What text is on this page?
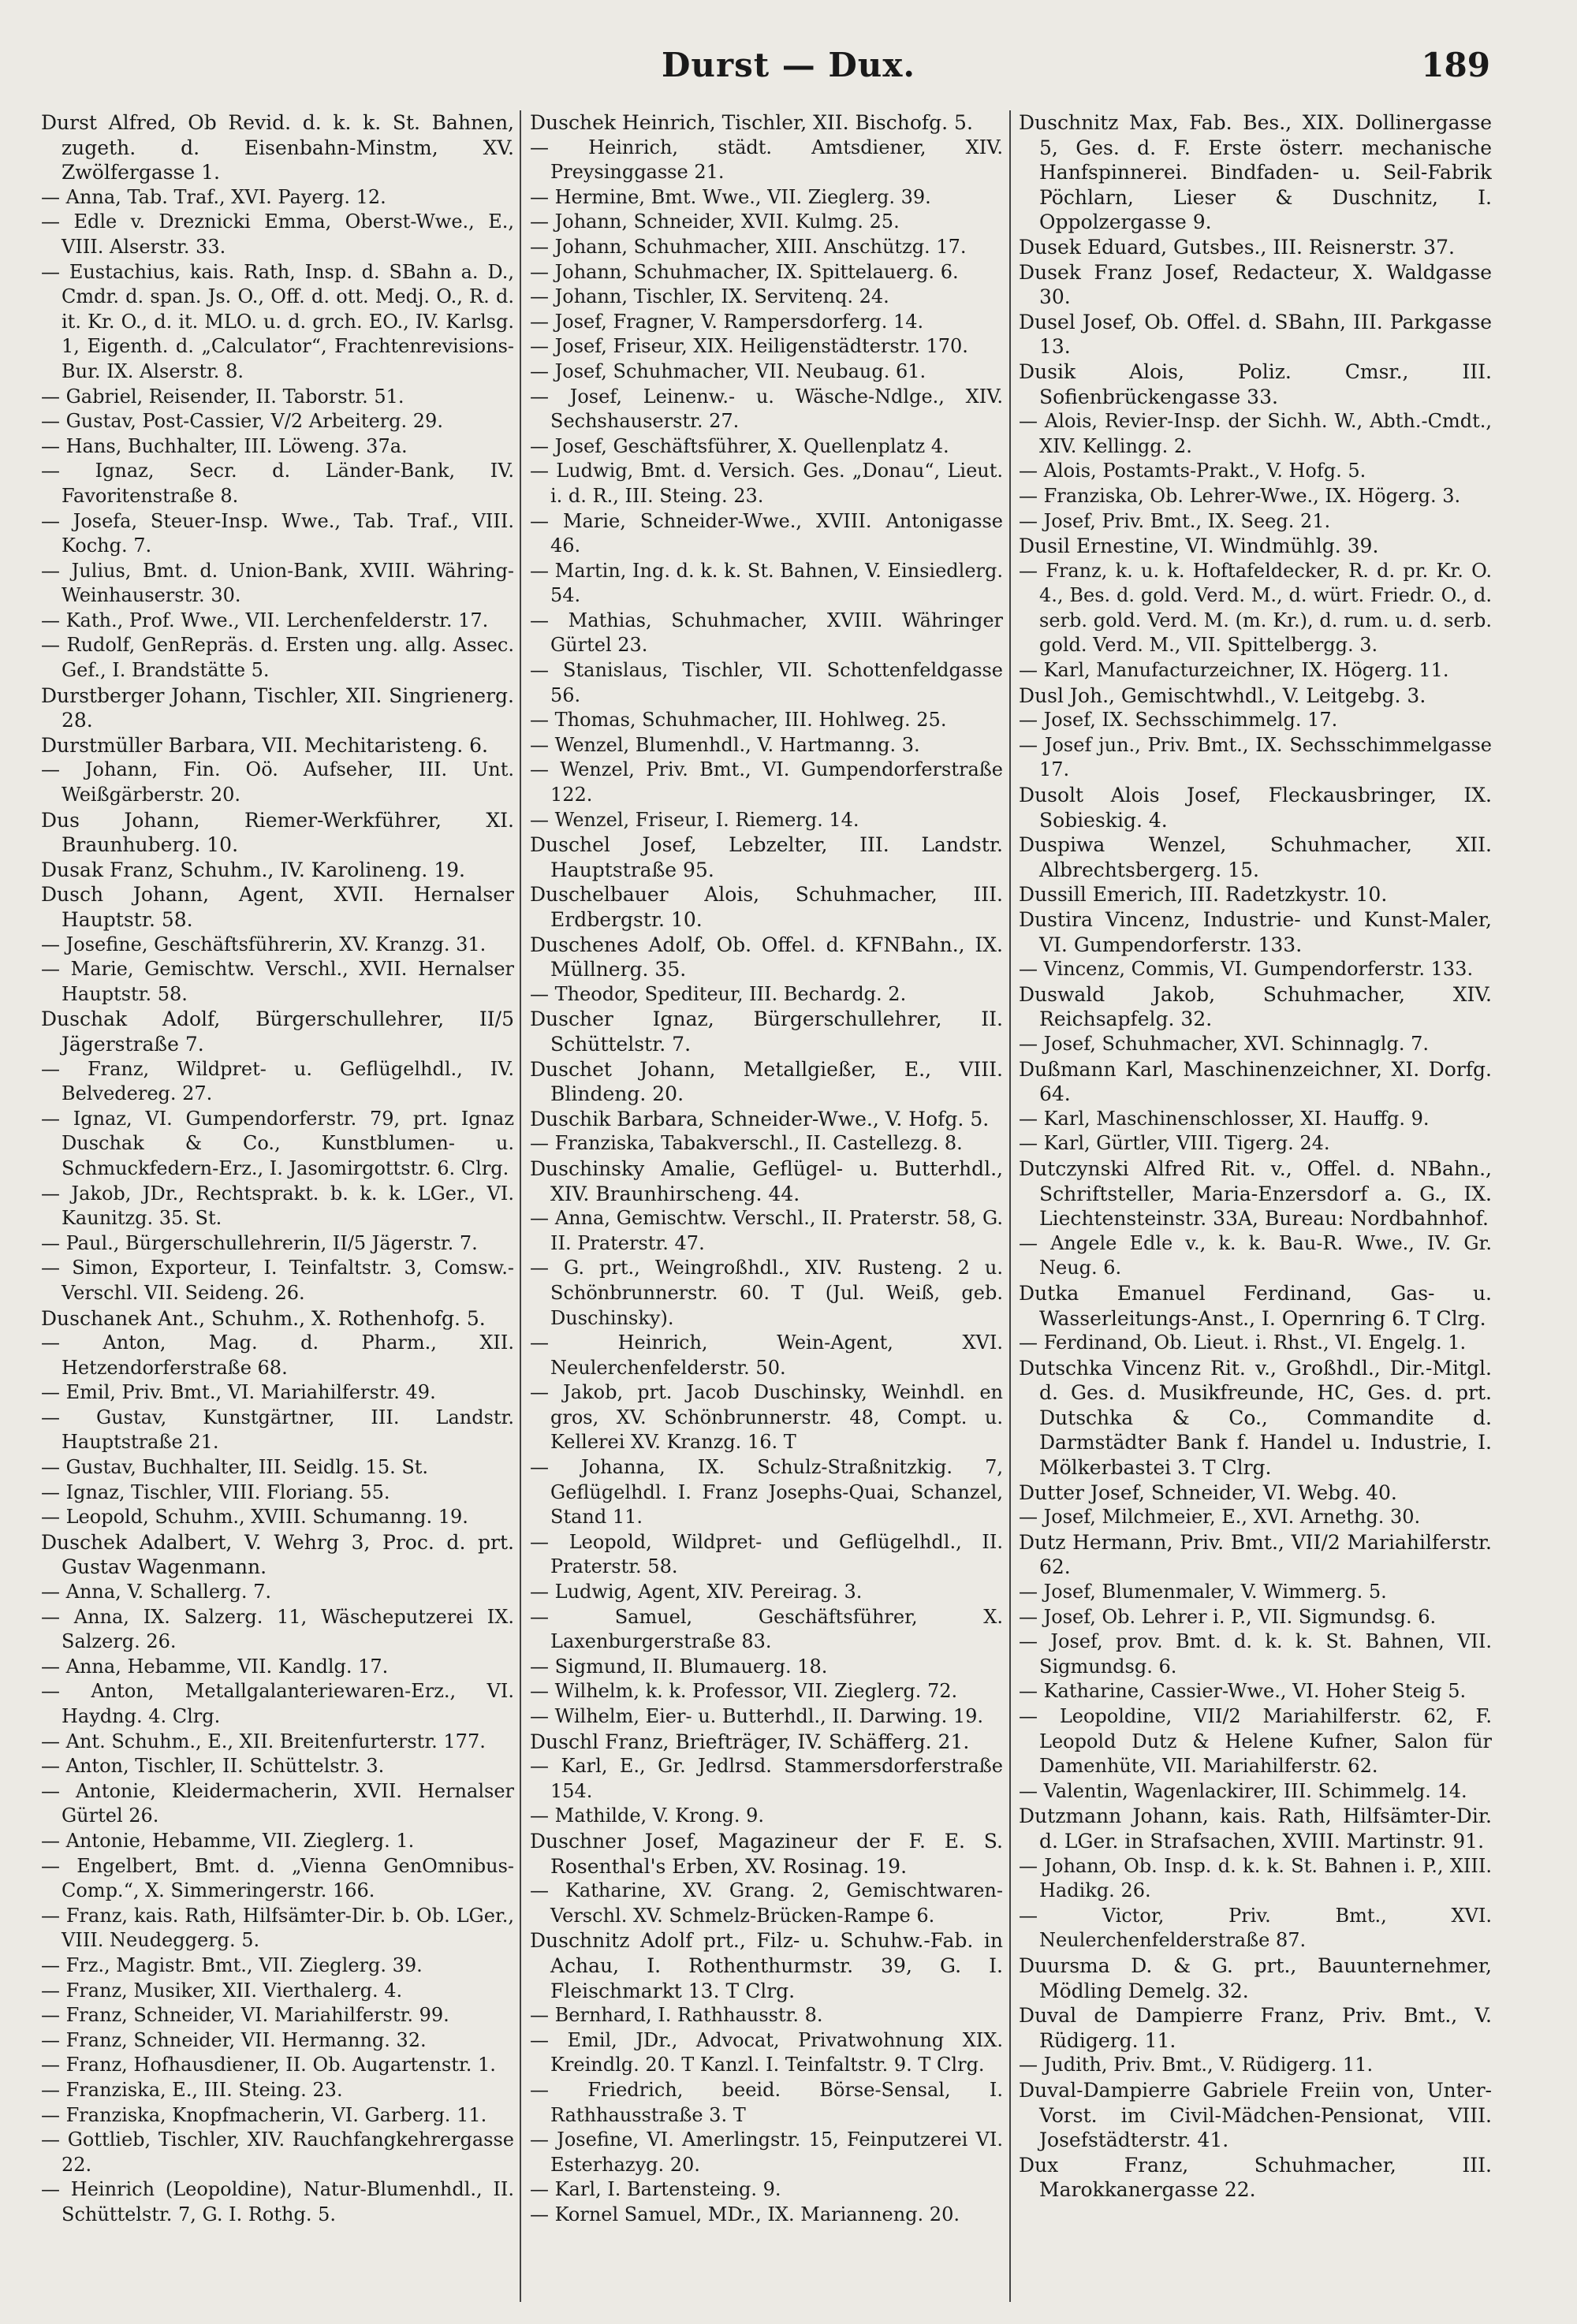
Durst — Dux.	189

Durst Alfred, Ob Revid. d. k. k. St. Bahnen, zugeth. d. Eisenbahn-Minstm, XV. Zwölfergasse 1.

— Anna, Tab. Traf., XVI. Payerg. 12.

— Edle v. Dreznicki Emma, Oberst-Wwe., E., VIII. Alserstr. 33.

— Eustachius, kais. Rath, Insp. d. SBahn a. D., Cmdr. d. span. Js. O., Off. d. ott. Medj. O., R. d. it. Kr. O., d. it. MLO. u. d. grch. EO., IV. Karlsg. 1, Eigenth. d. „Calculator“, Frachtenrevisions-Bur. IX. Alserstr. 8.

— Gabriel, Reisender, II. Taborstr. 51.

— Gustav, Post-Cassier, V/2 Arbeiterg. 29.

— Hans, Buchhalter, III. Löweng. 37a.

— Ignaz, Secr. d. Länder-Bank, IV. Favoritenstraße 8.

— Josefa, Steuer-Insp. Wwe., Tab. Traf., VIII. Kochg. 7.

— Julius, Bmt. d. Union-Bank, XVIII. Währing-Weinhauserstr. 30.

— Kath., Prof. Wwe., VII. Lerchenfelderstr. 17.

— Rudolf, GenRepräs. d. Ersten ung. allg. Assec. Gef., I. Brandstätte 5.

Durstberger Johann, Tischler, XII. Singrienerg. 28.

Durstmüller Barbara, VII. Mechitaristeng. 6.

— Johann, Fin. Oö. Aufseher, III. Unt. Weißgärberstr. 20.

Dus Johann, Riemer-Werkführer, XI. Braunhuberg. 10.

Dusak Franz, Schuhm., IV. Karolineng. 19.

Dusch Johann, Agent, XVII. Hernalser Hauptstr. 58.

— Josefine, Geschäftsführerin, XV. Kranzg. 31.

— Marie, Gemischtw. Verschl., XVII. Hernalser Hauptstr. 58.

Duschak Adolf, Bürgerschullehrer, II/5 Jägerstraße 7.

— Franz, Wildpret- u. Geflügelhdl., IV. Belvedereg. 27.

— Ignaz, VI. Gumpendorferstr. 79, prt. Ignaz Duschak & Co., Kunstblumen- u. Schmuckfedern-Erz., I. Jasomirgottstr. 6. Clrg.

— Jakob, JDr., Rechtsprakt. b. k. k. LGer., VI. Kaunitzg. 35. St.

— Paul., Bürgerschullehrerin, II/5 Jägerstr. 7.

— Simon, Exporteur, I. Teinfaltstr. 3, Comsw.-Verschl. VII. Seideng. 26.

Duschanek Ant., Schuhm., X. Rothenhofg. 5.

— Anton, Mag. d. Pharm., XII. Hetzendorferstraße 68.

— Emil, Priv. Bmt., VI. Mariahilferstr. 49.

— Gustav, Kunstgärtner, III. Landstr. Hauptstraße 21.

— Gustav, Buchhalter, III. Seidlg. 15. St.

— Ignaz, Tischler, VIII. Floriang. 55.

— Leopold, Schuhm., XVIII. Schumanng. 19.

Duschek Adalbert, V. Wehrg 3, Proc. d. prt. Gustav Wagenmann.

— Anna, V. Schallerg. 7.

— Anna, IX. Salzerg. 11, Wäscheputzerei IX. Salzerg. 26.

— Anna, Hebamme, VII. Kandlg. 17.

— Anton, Metallgalanteriewaren-Erz., VI. Haydng. 4. Clrg.

— Ant. Schuhm., E., XII. Breitenfurterstr. 177.

— Anton, Tischler, II. Schüttelstr. 3.

— Antonie, Kleidermacherin, XVII. Hernalser Gürtel 26.

— Antonie, Hebamme, VII. Zieglerg. 1.

— Engelbert, Bmt. d. „Vienna GenOmnibus-Comp.“, X. Simmeringerstr. 166.

— Franz, kais. Rath, Hilfsämter-Dir. b. Ob. LGer., VIII. Neudeggerg. 5.

— Frz., Magistr. Bmt., VII. Zieglerg. 39.

— Franz, Musiker, XII. Vierthalerg. 4.

— Franz, Schneider, VI. Mariahilferstr. 99.

— Franz, Schneider, VII. Hermanng. 32.

— Franz, Hofhausdiener, II. Ob. Augartenstr. 1.

— Franziska, E., III. Steing. 23.

— Franziska, Knopfmacherin, VI. Garberg. 11.

— Gottlieb, Tischler, XIV. Rauchfangkehrergasse 22.

— Heinrich (Leopoldine), Natur-Blumenhdl., II. Schüttelstr. 7, G. I. Rothg. 5.

Duschek Heinrich, Tischler, XII. Bischofg. 5.

— Heinrich, städt. Amtsdiener, XIV. Preysinggasse 21.

— Hermine, Bmt. Wwe., VII. Zieglerg. 39.

— Johann, Schneider, XVII. Kulmg. 25.

— Johann, Schuhmacher, XIII. Anschützg. 17.

— Johann, Schuhmacher, IX. Spittelauerg. 6.

— Johann, Tischler, IX. Servitenq. 24.

— Josef, Fragner, V. Rampersdorferg. 14.

— Josef, Friseur, XIX. Heiligenstädterstr. 170.

— Josef, Schuhmacher, VII. Neubaug. 61.

— Josef, Leinenw.- u. Wäsche-Ndlge., XIV. Sechshauserstr. 27.

— Josef, Geschäftsführer, X. Quellenplatz 4.

— Ludwig, Bmt. d. Versich. Ges. „Donau“, Lieut. i. d. R., III. Steing. 23.

— Marie, Schneider-Wwe., XVIII. Antonigasse 46.

— Martin, Ing. d. k. k. St. Bahnen, V. Einsiedlerg. 54.

— Mathias, Schuhmacher, XVIII. Währinger Gürtel 23.

— Stanislaus, Tischler, VII. Schottenfeldgasse 56.

— Thomas, Schuhmacher, III. Hohlweg. 25.

— Wenzel, Blumenhdl., V. Hartmanng. 3.

— Wenzel, Priv. Bmt., VI. Gumpendorferstraße 122.

— Wenzel, Friseur, I. Riemerg. 14.

Duschel Josef, Lebzelter, III. Landstr. Hauptstraße 95.

Duschelbauer Alois, Schuhmacher, III. Erdbergstr. 10.

Duschenes Adolf, Ob. Offel. d. KFNBahn., IX. Müllnerg. 35.

— Theodor, Spediteur, III. Bechardg. 2.

Duscher Ignaz, Bürgerschullehrer, II. Schüttelstr. 7.

Duschet Johann, Metallgießer, E., VIII. Blindeng. 20.

Duschik Barbara, Schneider-Wwe., V. Hofg. 5.

— Franziska, Tabakverschl., II. Castellezg. 8.

Duschinsky Amalie, Geflügel- u. Butterhdl., XIV. Braunhirscheng. 44.

— Anna, Gemischtw. Verschl., II. Praterstr. 58, G. II. Praterstr. 47.

— G. prt., Weingroßhdl., XIV. Rusteng. 2 u. Schönbrunnerstr. 60. T (Jul. Weiß, geb. Duschinsky).

— Heinrich, Wein-Agent, XVI. Neulerchenfelderstr. 50.

— Jakob, prt. Jacob Duschinsky, Weinhdl. en gros, XV. Schönbrunnerstr. 48, Compt. u. Kellerei XV. Kranzg. 16. T

— Johanna, IX. Schulz-Straßnitzkig. 7, Geflügelhdl. I. Franz Josephs-Quai, Schanzel, Stand 11.

— Leopold, Wildpret- und Geflügelhdl., II. Praterstr. 58.

— Ludwig, Agent, XIV. Pereirag. 3.

— Samuel, Geschäftsführer, X. Laxenburgerstraße 83.

— Sigmund, II. Blumauerg. 18.

— Wilhelm, k. k. Professor, VII. Zieglerg. 72.

— Wilhelm, Eier- u. Butterhdl., II. Darwing. 19.

Duschl Franz, Briefträger, IV. Schäfferg. 21.

— Karl, E., Gr. Jedlrsd. Stammersdorferstraße 154.

— Mathilde, V. Krong. 9.

Duschner Josef, Magazineur der F. E. S. Rosenthal's Erben, XV. Rosinag. 19.

— Katharine, XV. Grang. 2, Gemischtwaren-Verschl. XV. Schmelz-Brücken-Rampe 6.

Duschnitz Adolf prt., Filz- u. Schuhw.-Fab. in Achau, I. Rothenthurmstr. 39, G. I. Fleischmarkt 13. T Clrg.

— Bernhard, I. Rathhausstr. 8.

— Emil, JDr., Advocat, Privatwohnung XIX. Kreindlg. 20. T Kanzl. I. Teinfaltstr. 9. T Clrg.

— Friedrich, beeid. Börse-Sensal, I. Rathhausstraße 3. T

— Josefine, VI. Amerlingstr. 15, Feinputzerei VI. Esterhazyg. 20.

— Karl, I. Bartensteing. 9.

— Kornel Samuel, MDr., IX. Marianneng. 20.

Duschnitz Max, Fab. Bes., XIX. Dollinergasse 5, Ges. d. F. Erste österr. mechanische Hanfspinnerei. Bindfaden- u. Seil-Fabrik Pöchlarn, Lieser & Duschnitz, I. Oppolzergasse 9.

Dusek Eduard, Gutsbes., III. Reisnerstr. 37.

Dusek Franz Josef, Redacteur, X. Waldgasse 30.

Dusel Josef, Ob. Offel. d. SBahn, III. Parkgasse 13.

Dusik Alois, Poliz. Cmsr., III. Sofienbrückengasse 33.

— Alois, Revier-Insp. der Sichh. W., Abth.-Cmdt., XIV. Kellingg. 2.

— Alois, Postamts-Prakt., V. Hofg. 5.

— Franziska, Ob. Lehrer-Wwe., IX. Högerg. 3.

— Josef, Priv. Bmt., IX. Seeg. 21.

Dusil Ernestine, VI. Windmühlg. 39.

— Franz, k. u. k. Hoftafeldecker, R. d. pr. Kr. O. 4., Bes. d. gold. Verd. M., d. würt. Friedr. O., d. serb. gold. Verd. M. (m. Kr.), d. rum. u. d. serb. gold. Verd. M., VII. Spittelbergg. 3.

— Karl, Manufacturzeichner, IX. Högerg. 11.

Dusl Joh., Gemischtwhdl., V. Leitgebg. 3.

— Josef, IX. Sechsschimmelg. 17.

— Josef jun., Priv. Bmt., IX. Sechsschimmelgasse 17.

Dusolt Alois Josef, Fleckausbringer, IX. Sobieskig. 4.

Duspiwa Wenzel, Schuhmacher, XII. Albrechtsbergerg. 15.

Dussill Emerich, III. Radetzkystr. 10.

Dustira Vincenz, Industrie- und Kunst-Maler, VI. Gumpendorferstr. 133.

— Vincenz, Commis, VI. Gumpendorferstr. 133.

Duswald Jakob, Schuhmacher, XIV. Reichsapfelg. 32.

— Josef, Schuhmacher, XVI. Schinnaglg. 7.

Dußmann Karl, Maschinenzeichner, XI. Dorfg. 64.

— Karl, Maschinenschlosser, XI. Hauffg. 9.

— Karl, Gürtler, VIII. Tigerg. 24.

Dutczynski Alfred Rit. v., Offel. d. NBahn., Schriftsteller, Maria-Enzersdorf a. G., IX. Liechtensteinstr. 33A, Bureau: Nordbahnhof.

— Angele Edle v., k. k. Bau-R. Wwe., IV. Gr. Neug. 6.

Dutka Emanuel Ferdinand, Gas- u. Wasserleitungs-Anst., I. Opernring 6. T Clrg.

— Ferdinand, Ob. Lieut. i. Rhst., VI. Engelg. 1.

Dutschka Vincenz Rit. v., Großhdl., Dir.-Mitgl. d. Ges. d. Musikfreunde, HC, Ges. d. prt. Dutschka & Co., Commandite d. Darmstädter Bank f. Handel u. Industrie, I. Mölkerbastei 3. T Clrg.

Dutter Josef, Schneider, VI. Webg. 40.

— Josef, Milchmeier, E., XVI. Arnethg. 30.

Dutz Hermann, Priv. Bmt., VII/2 Mariahilferstr. 62.

— Josef, Blumenmaler, V. Wimmerg. 5.

— Josef, Ob. Lehrer i. P., VII. Sigmundsg. 6.

— Josef, prov. Bmt. d. k. k. St. Bahnen, VII. Sigmundsg. 6.

— Katharine, Cassier-Wwe., VI. Hoher Steig 5.

— Leopoldine, VII/2 Mariahilferstr. 62, F. Leopold Dutz & Helene Kufner, Salon für Damenhüte, VII. Mariahilferstr. 62.

— Valentin, Wagenlackirer, III. Schimmelg. 14.

Dutzmann Johann, kais. Rath, Hilfsämter-Dir. d. LGer. in Strafsachen, XVIII. Martinstr. 91.

— Johann, Ob. Insp. d. k. k. St. Bahnen i. P., XIII. Hadikg. 26.

— Victor, Priv. Bmt., XVI. Neulerchenfelderstraße 87.

Duursma D. & G. prt., Bauunternehmer, Mödling Demelg. 32.

Duval de Dampierre Franz, Priv. Bmt., V. Rüdigerg. 11.

— Judith, Priv. Bmt., V. Rüdigerg. 11.

Duval-Dampierre Gabriele Freiin von, Unter-Vorst. im Civil-Mädchen-Pensionat, VIII. Josefstädterstr. 41.

Dux Franz, Schuhmacher, III. Marokkanergasse 22.
